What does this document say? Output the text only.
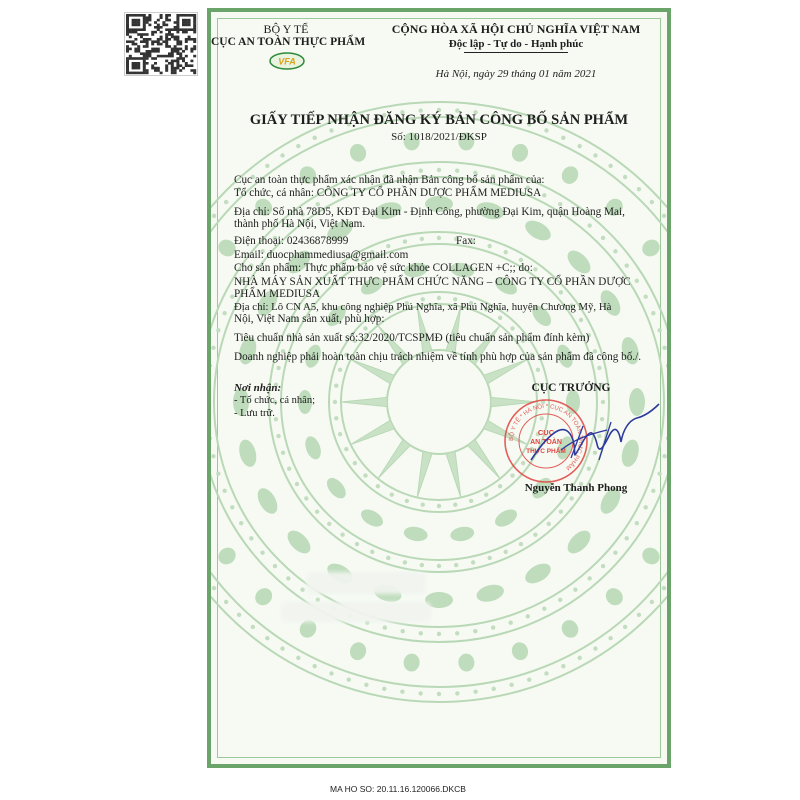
BỘ Y TẾ
CỤC AN TOÀN THỰC PHẨM
VFA
CỘNG HÒA XÃ HỘI CHỦ NGHĨA VIỆT NAM
Độc lập - Tự do - Hạnh phúc
Hà Nội, ngày 29 tháng 01 năm 2021
GIẤY TIẾP NHẬN ĐĂNG KÝ BẢN CÔNG BỐ SẢN PHẨM
Số: 1018/2021/ĐKSP
Cục an toàn thực phẩm xác nhận đã nhận Bản công bố sản phẩm của:
Tổ chức, cá nhân: CÔNG TY CỔ PHẦN DƯỢC PHẨM MEDIUSA
Địa chỉ: Số nhà 78D5, KĐT Đại Kim - Định Công, phường Đại Kim, quận Hoàng Mai,
thành phố Hà Nội, Việt Nam.
Điện thoại: 02436878999	Fax:
Email: duocphammediusa@gmail.com
Cho sản phẩm: Thực phẩm bảo vệ sức khỏe COLLAGEN +C;; do:
NHÀ MÁY SẢN XUẤT THỰC PHẨM CHỨC NĂNG – CÔNG TY CỔ PHẦN DƯỢC
PHẨM MEDIUSA
Địa chỉ: Lô CN A5, khu công nghiệp Phú Nghĩa, xã Phú Nghĩa, huyện Chương Mỹ, Hà
Nội, Việt Nam sản xuất, phù hợp:
Tiêu chuẩn nhà sản xuất số:32/2020/TCSPMĐ (tiêu chuẩn sản phẩm đính kèm)
Doanh nghiệp phải hoàn toàn chịu trách nhiệm về tính phù hợp của sản phẩm đã công bố./.
Nơi nhận:
- Tổ chức, cá nhân;
- Lưu trữ.
CỤC TRƯỞNG
BỘ Y TẾ * HÀ NỘI * CỤC AN TOÀN THỰC PHẨM
CỤC
AN TOÀN
THỰC PHẨM
Nguyễn Thanh Phong
MA HO SO: 20.11.16.120066.DKCB
